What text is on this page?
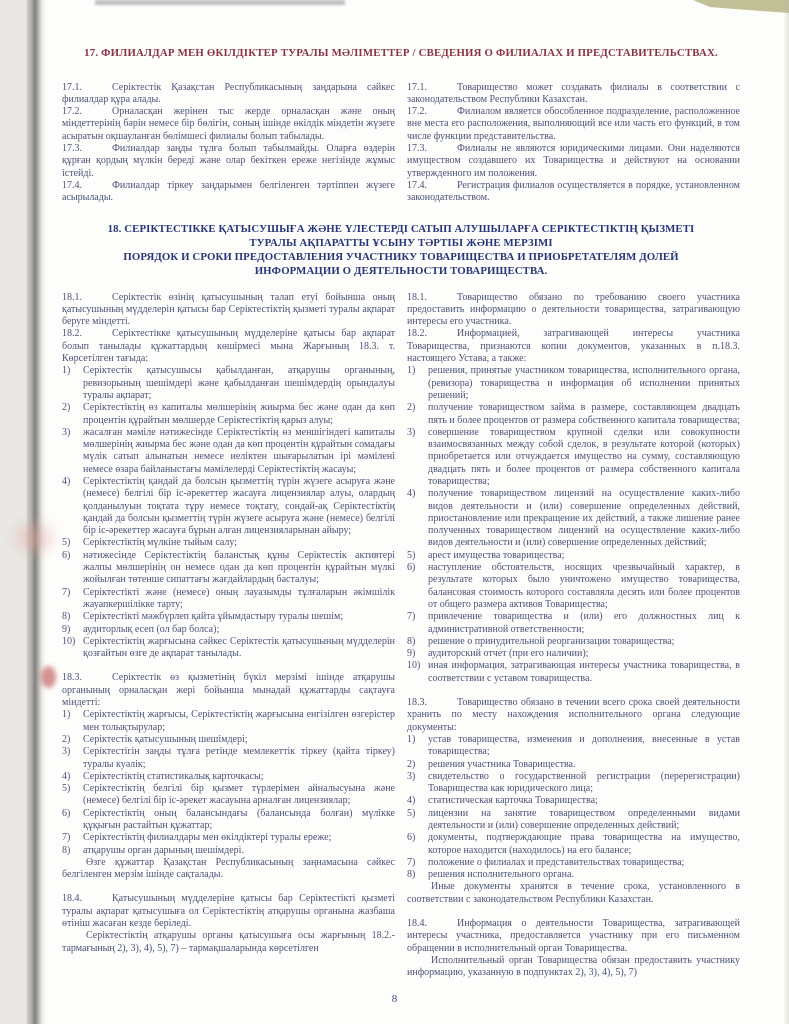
17. ФИЛИАЛДАР МЕН ӨКІЛДІКТЕР ТУРАЛЫ МӘЛІМЕТТЕР / СВЕДЕНИЯ О ФИЛИАЛАХ И ПРЕДСТАВИТЕЛЬСТВАХ.

17.1.	Серіктестік Қазақстан Республикасының заңдарына сәйкес филиалдар құра алады.

17.2.	Орналасқан жерінен тыс жерде орналасқан және оның міндеттерінің бәрін немесе бір бөлігін, соның ішінде өкілдік міндетін жүзеге асыратын оқшауланған бөлімшесі филиалы болып табылады.

17.3.	Филиалдар заңды тұлға болып табылмайды. Оларға өздерін құрған қордың мүлкін береді және олар бекіткен ереже негізінде жұмыс істейді.

17.4.	Филиалдар тіркеу заңдарымен белгіленген тәртіппен жүзеге асырылады.

17.1.	Товарищество может создавать филиалы в соответствии с законодательством Республики Казахстан.

17.2.	Филиалом является обособленное подразделение, расположенное вне места его расположения, выполняющий все или часть его функций, в том числе функции представительства.

17.3.	Филиалы не являются юридическими лицами. Они наделяются имуществом создавшего их Товарищества и действуют на основании утвержденного им положения.

17.4.	Регистрация филиалов осуществляется в порядке, установленном законодательством.

18. СЕРІКТЕСТІККЕ ҚАТЫСУШЫҒА ЖӘНЕ ҮЛЕСТЕРДІ САТЫП АЛУШЫЛАРҒА СЕРІКТЕСТІКТІҢ ҚЫЗМЕТІ ТУРАЛЫ АҚПАРАТТЫ ҰСЫНУ ТӘРТІБІ ЖӘНЕ МЕРЗІМІ
ПОРЯДОК И СРОКИ ПРЕДОСТАВЛЕНИЯ УЧАСТНИКУ ТОВАРИЩЕСТВА И ПРИОБРЕТАТЕЛЯМ ДОЛЕЙ ИНФОРМАЦИИ О ДЕЯТЕЛЬНОСТИ ТОВАРИЩЕСТВА.

18.1.	Серіктестік өзінің қатысушының талап етуі бойынша оның қатысушының мүдделерін қатысы бар Серіктестіктің қызметі туралы ақпарат беруге міндетті.

18.2.	Серіктестікке қатысушының мүдделеріне қатысы бар ақпарат болып танылады құжаттардың көшірмесі мына Жарғының 18.3. т. Көрсетілген тағыда:

1)	Серіктестік қатысушысы қабылданған, атқарушы органының, ревизорының шешімдері және қабылданған шешімдердің орындалуы туралы ақпарат;
2)	Серіктестіктің өз капиталы мөлшерінің жиырма бес және одан да көп процентін құрайтын мөлшерде Серіктестіктің қарыз алуы;
3)	жасалған мәміле нәтижесінде Серіктестіктің өз меншігіндегі капиталы мөлшерінің жиырма бес және одан да көп процентін құрайтын сомадағы мүлік сатып алынатын немесе иеліктен шығарылатын ірі мәмілені немесе өзара байланыстағы мәмілелерді Серіктестіктің жасауы;
4)	Серіктестіктің қандай да болсын қызметтің түрін жүзеге асыруға және (немесе) белгілі бір іс-әрекеттер жасауға лицензиялар алуы, олардың қолданылуын тоқтата тұру немесе тоқтату, сондай-ақ Серіктестіктің қандай да болсын қызметтің түрін жүзеге асыруға және (немесе) белгілі бір іс-әрекеттер жасауға бұрын алған лицензияларынан айыру;
5)	Серіктестіктің мүлкіне тыйым салу;
6)	нәтижесінде Серіктестіктің баланстық құны Серіктестік активтері жалпы мөлшерінің он немесе одан да көп процентін құрайтын мүлкі жойылған төтенше сипаттағы жағдайлардың басталуы;
7)	Серіктестікті және (немесе) оның лауазымды тұлғаларын әкімшілік жауапкершілікке тарту;
8)	Серіктестікті мәжбүрлеп қайта ұйымдастыру туралы шешім;
9)	аудиторлық есеп (ол бар болса);
10) Серіктестіктің жарғысына сәйкес Серіктестік қатысушының мүдделерін қозғайтын өзге де ақпарат танылады.

18.3.	Серіктестік өз қызметінің бүкіл мерзімі ішінде атқарушы органының орналасқан жері бойынша мынадай құжаттарды сақтауға міндетті:

1)	Серіктестіктің жарғысы, Серіктестіктің жарғысына енгізілген өзгерістер мен толықтырулар;
2)	Серіктестік қатысушының шешімдері;
3)	Серіктестігін заңды тұлға ретінде мемлекеттік тіркеу (қайта тіркеу) туралы куәлік;
4)	Серіктестіктің статистикалық карточкасы;
5)	Серіктестіктің белгілі бір қызмет түрлерімен айналысуына және (немесе) белгілі бір іс-әрекет жасауына арналған лицензиялар;
6)	Серіктестіктің оның балансындағы (балансында болған) мүлікке құқығын растайтын құжаттар;
7)	Серіктестіктің филиалдары мен өкілдіктері туралы ереже;
8)	атқарушы орган дарының шешімдері.

Өзге құжаттар Қазақстан Республикасының заңнамасына сәйкес белгіленген мерзім ішінде сақталады.

18.4.	Қатысушының мүдделеріне қатысы бар Серіктестікті қызметі туралы ақпарат қатысушыға ол Серіктестіктің атқарушы органына жазбаша өтініш жасаған кезде беріледі.

Серіктестіктің атқарушы органы қатысушыға осы жарғының 18.2.- тармағының 2), 3), 4), 5), 7) – тармақшаларында көрсетілген

18.1.	Товарищество обязано по требованию своего участника предоставить информацию о деятельности товарищества, затрагивающую интересы его участника.

18.2.	Информацией, затрагивающей интересы участника Товарищества, признаются копии документов, указанных в п.18.3. настоящего Устава, а также:

1)	решения, принятые участником товарищества, исполнительного органа, (ревизора) товарищества и информация об исполнении принятых решений;
2)	получение товариществом займа в размере, составляющем двадцать пять и более процентов от размера собственного капитала товарищества;
3)	совершение товариществом крупной сделки или совокупности взаимосвязанных между собой сделок, в результате которой (которых) приобретается или отчуждается имущество на сумму, составляющую двадцать пять и более процентов от размера собственного капитала товарищества;
4)	получение товариществом лицензий на осуществление каких-либо видов деятельности и (или) совершение определенных действий, приостановление или прекращение их действий, а также лишение ранее полученных товариществом лицензий на осуществление каких-либо видов деятельности и (или) совершение определенных действий;
5)	арест имущества товарищества;
6)	наступление обстоятельств, носящих чрезвычайный характер, в результате которых было уничтожено имущество товарищества, балансовая стоимость которого составляла десять или более процентов от общего размера активов Товарищества;
7)	привлечение товарищества и (или) его должностных лиц к административной ответственности;
8)	решение о принудительной реорганизации товарищества;
9)	аудиторский отчет (при его наличии);
10) иная информация, затрагивающая интересы участника товарищества, в соответствии с уставом товарищества.

18.3.	Товарищество обязано в течении всего срока своей деятельности хранить по месту нахождения исполнительного органа следующие документы:

1)	устав товарищества, изменения и дополнения, внесенные в устав товарищества;
2)	решения участника Товарищества.
3)	свидетельство о государственной регистрации (перерегистрации) Товарищества как юридического лица;
4)	статистическая карточка Товарищества;
5)	лицензии на занятие товариществом определенными видами деятельности и (или) совершение определенных действий;
6)	документы, подтверждающие права товарищества на имущество, которое находится (находилось) на его балансе;
7)	положение о филиалах и представительствах товарищества;
8)	решения исполнительного органа.

Иные документы хранятся в течение срока, установленного в соответствии с законодательством Республики Казахстан.

18.4.	Информация о деятельности Товарищества, затрагивающей интересы участника, предоставляется участнику при его письменном обращении в исполнительный орган Товарищества.

Исполнительный орган Товарищества обязан предоставить участнику информацию, указанную в подпунктах 2), 3), 4), 5), 7)

8
